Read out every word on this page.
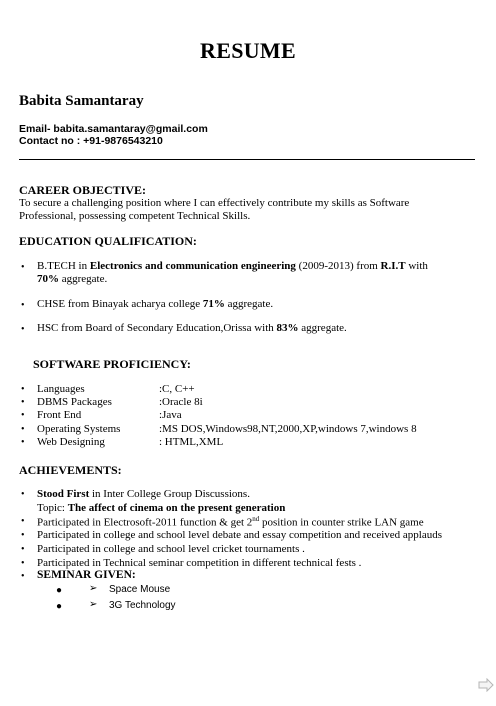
RESUME
Babita Samantaray
Email- babita.samantaray@gmail.com
Contact no : +91-9876543210
CAREER OBJECTIVE:
To secure a challenging position where I can effectively contribute my skills as Software
Professional, possessing competent Technical Skills.
EDUCATION QUALIFICATION:
• B.TECH in Electronics and communication engineering (2009-2013) from R.I.T with
70% aggregate.
• CHSE from Binayak acharya college 71% aggregate.
• HSC from Board of Secondary Education,Orissa with 83% aggregate.
SOFTWARE PROFICIENCY:
• Languages	:C, C++
• DBMS Packages	:Oracle 8i
• Front End	:Java
• Operating Systems	:MS DOS,Windows98,NT,2000,XP,windows 7,windows 8
• Web Designing	: HTML,XML
ACHIEVEMENTS:
• Stood First in Inter College Group Discussions.
Topic: The affect of cinema on the present generation
• Participated in Electrosoft-2011 function & get 2nd position in counter strike LAN game
• Participated in college and school level debate and essay competition and received applauds
• Participated in college and school level cricket tournaments .
• Participated in Technical seminar competition in different technical fests .
• SEMINAR GIVEN:
●	➢ Space Mouse
●	➢ 3G Technology
